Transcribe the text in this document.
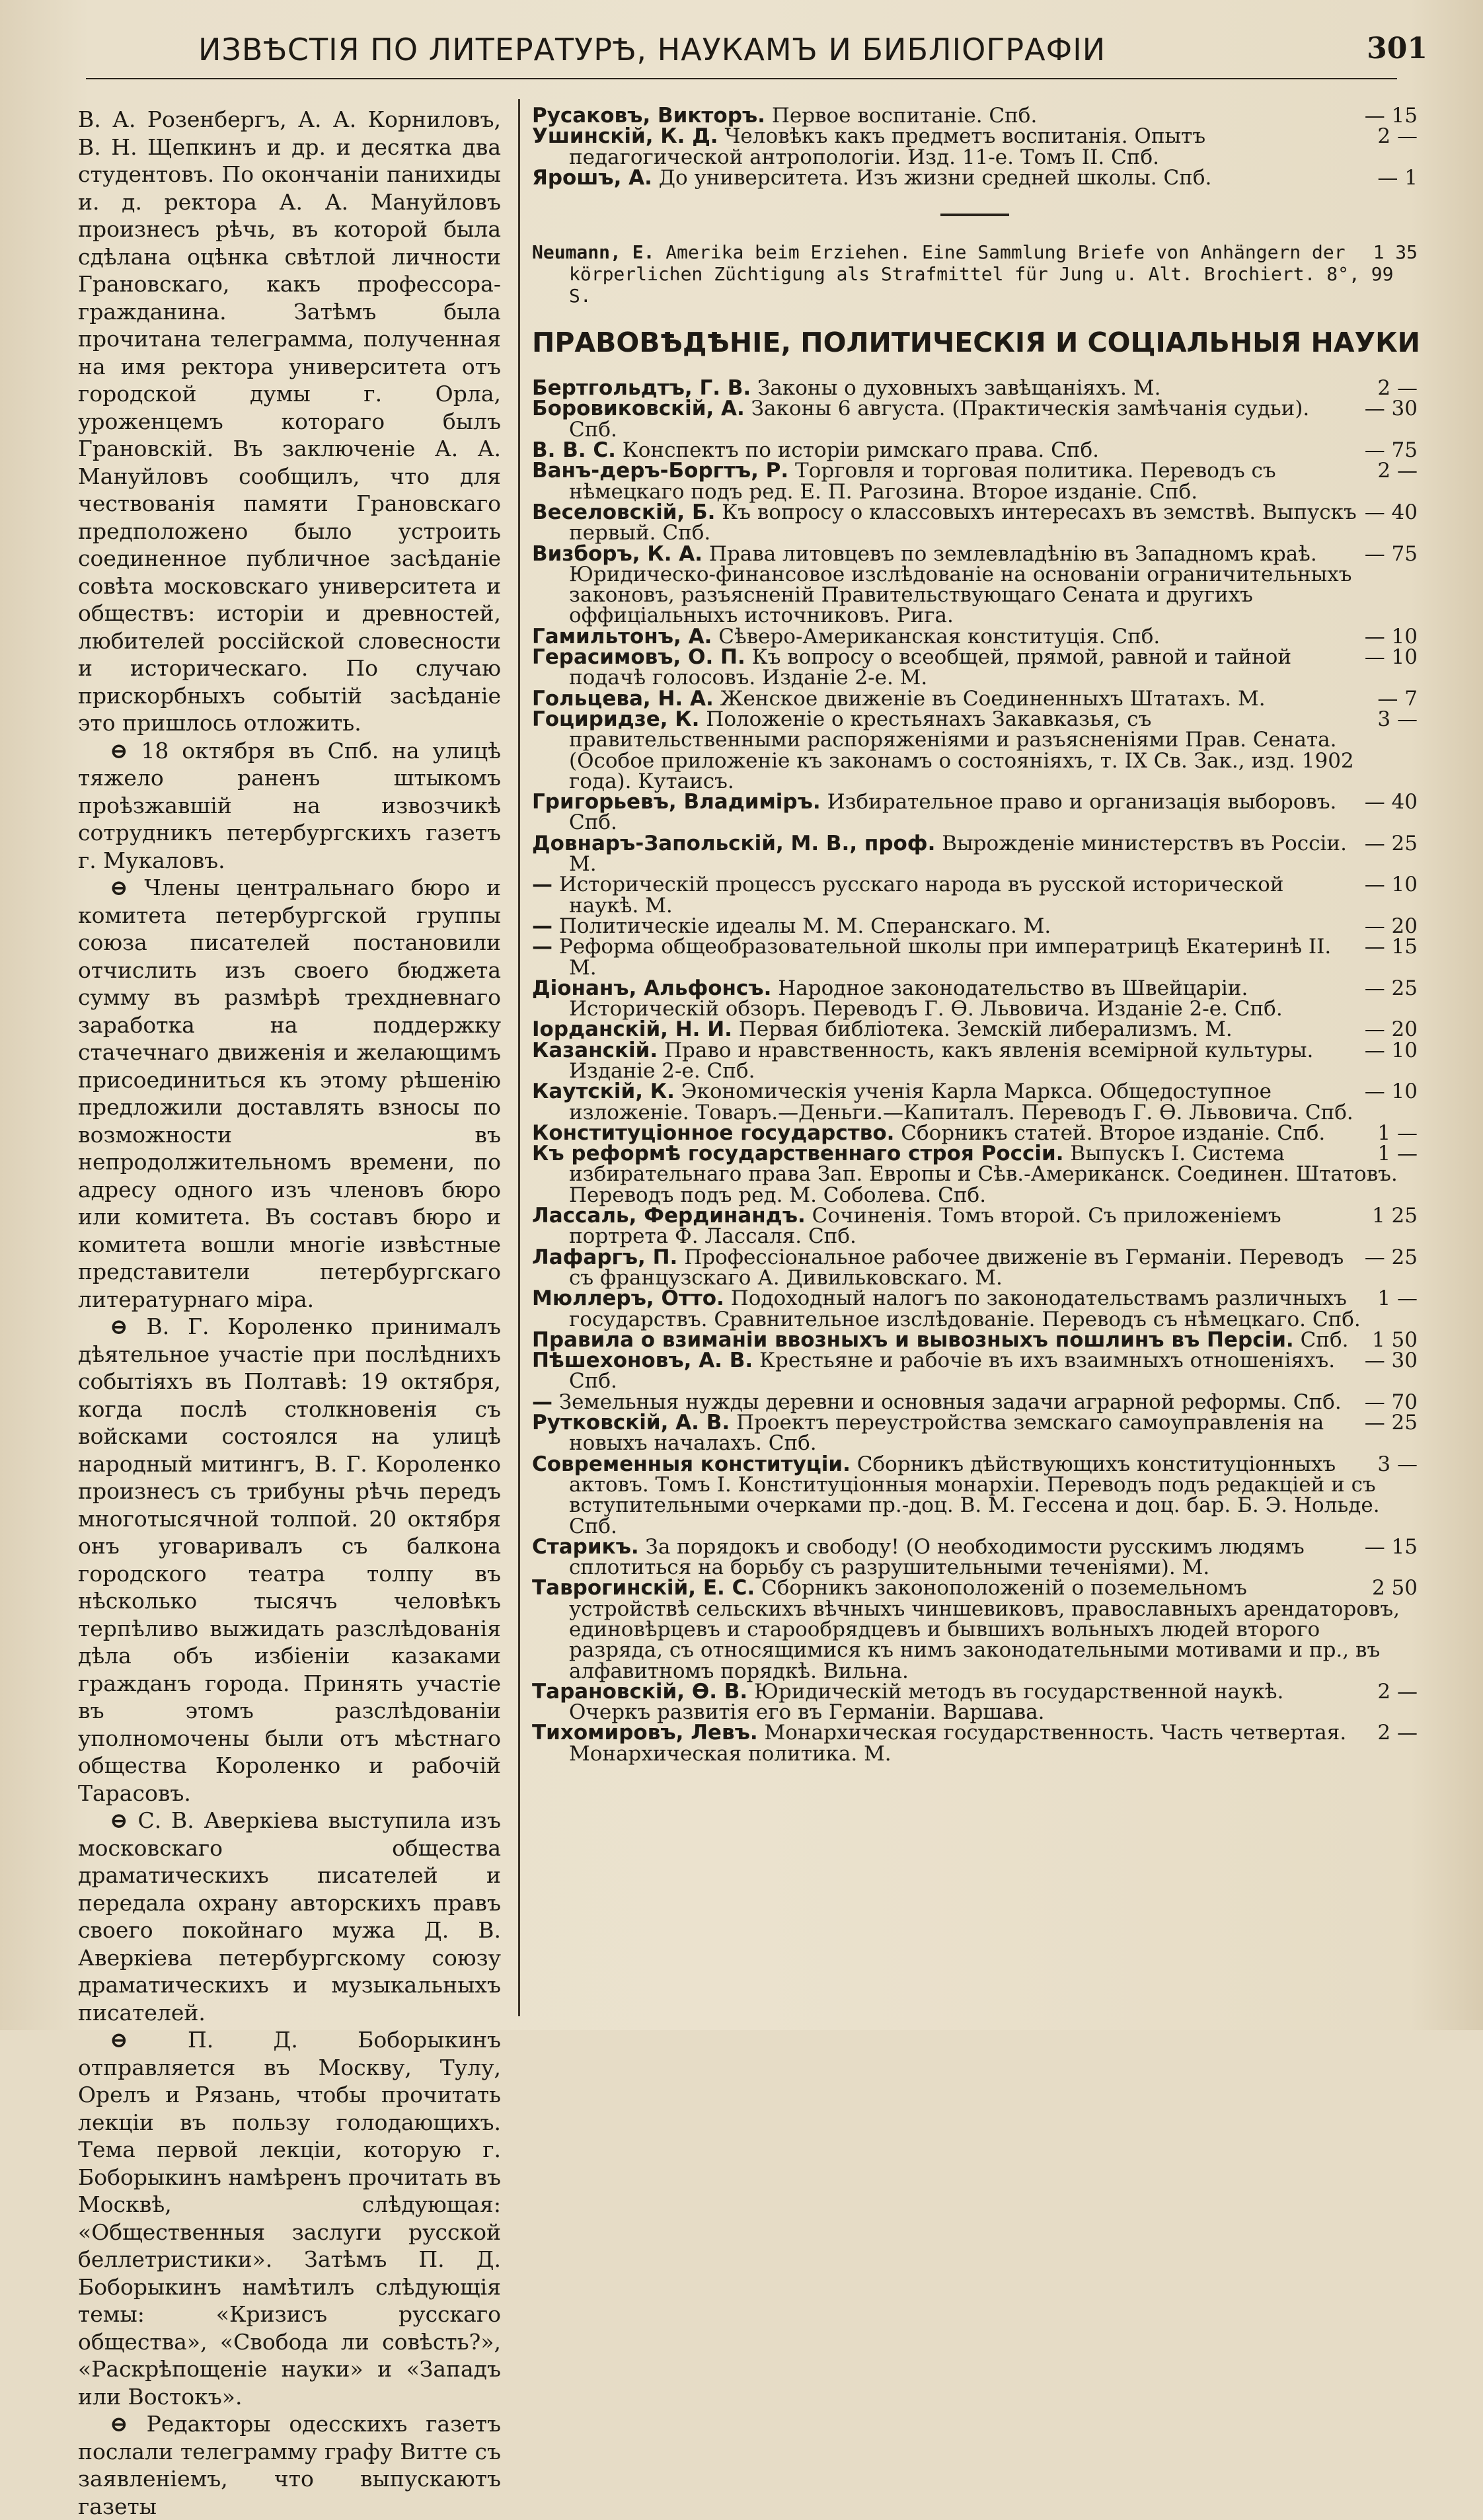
ИЗВѢСТІЯ ПО ЛИТЕРАТУРѢ, НАУКАМЪ И БИБЛІОГРАФІИ	301

В. А. Розенбергъ, А. А. Корниловъ, В. Н. Щепкинъ и др. и десятка два студентовъ. По окончаніи панихиды и. д. ректора А. А. Мануйловъ произнесъ рѣчь, въ которой была сдѣлана оцѣнка свѣтлой личности Грановскаго, какъ профессора-гражданина. Затѣмъ была прочитана телеграмма, полученная на имя ректора университета отъ городской думы г. Орла, уроженцемъ котораго былъ Грановскій. Въ заключеніе А. А. Мануйловъ сообщилъ, что для чествованія памяти Грановскаго предположено было устроить соединенное публичное засѣданіе совѣта московскаго университета и обществъ: исторіи и древностей, любителей россійской словесности и историческаго. По случаю прискорбныхъ событій засѣданіе это пришлось отложить.

⊖ 18 октября въ Спб. на улицѣ тяжело раненъ штыкомъ проѣзжавшій на извозчикѣ сотрудникъ петербургскихъ газетъ г. Мукаловъ.

⊖ Члены центральнаго бюро и комитета петербургской группы союза писателей постановили отчислить изъ своего бюджета сумму въ размѣрѣ трехдневнаго заработка на поддержку стачечнаго движенія и желающимъ присоединиться къ этому рѣшенію предложили доставлять взносы по возможности въ непродолжительномъ времени, по адресу одного изъ членовъ бюро или комитета. Въ составъ бюро и комитета вошли многіе извѣстные представители петербургскаго литературнаго міра.

⊖ В. Г. Короленко принималъ дѣятельное участіе при послѣднихъ событіяхъ въ Полтавѣ: 19 октября, когда послѣ столкновенія съ войсками состоялся на улицѣ народный митингъ, В. Г. Короленко произнесъ съ трибуны рѣчь передъ многотысячной толпой. 20 октября онъ уговаривалъ съ балкона городского театра толпу въ нѣсколько тысячъ человѣкъ терпѣливо выжидать разслѣдованія дѣла объ избіеніи казаками гражданъ города. Принять участіе въ этомъ разслѣдованіи уполномочены были отъ мѣстнаго общества Короленко и рабочій Тарасовъ.

⊖ С. В. Аверкіева выступила изъ московскаго общества драматическихъ писателей и передала охрану авторскихъ правъ своего покойнаго мужа Д. В. Аверкіева петербургскому союзу драматическихъ и музыкальныхъ писателей.

⊖	П. Д. Боборыкинъ отправляется въ Москву, Тулу, Орелъ и Рязань, чтобы прочитать лекціи въ пользу голодающихъ. Тема первой лекціи, которую г. Боборыкинъ намѣренъ прочитать въ Москвѣ, слѣдующая: «Общественныя заслуги русской беллетристики». Затѣмъ П. Д. Боборыкинъ намѣтилъ слѣдующія темы: «Кризисъ русскаго общества», «Свобода ли совѣсть?», «Раскрѣпощеніе науки» и «Западъ или Востокъ».

⊖ Редакторы одесскихъ газетъ послали телеграмму графу Витте съ заявленіемъ, что выпускаютъ газеты

— 15
Русаковъ, Викторъ. Первое воспитаніе. Спб.

2 —
Ушинскій, К. Д. Человѣкъ какъ предметъ воспитанія. Опытъ педагогической антропологіи. Изд. 11-е. Томъ II. Спб.

— 1
Ярошъ, А. До университета. Изъ жизни средней школы. Спб.

1 35
Neumann, E. Amerika beim Erziehen. Eine Sammlung Briefe von Anhängern der körperlichen Züchtigung als Strafmittel für Jung u. Alt. Brochiert. 8°, 99 S.

ПРАВОВѢДѢНІЕ, ПОЛИТИЧЕСКІЯ И СОЦІАЛЬНЫЯ НАУКИ

2 —
Бертгольдтъ, Г. В. Законы о духовныхъ завѣщаніяхъ. М.

— 30
Боровиковскій, А. Законы 6 августа. (Практическія замѣчанія судьи). Спб.

— 75
В. В. С. Конспектъ по исторіи римскаго права. Спб.

2 —
Ванъ-деръ-Боргтъ, Р. Торговля и торговая политика. Переводъ съ нѣмецкаго подъ ред. Е. П. Рагозина. Второе изданіе. Спб.

— 40
Веселовскій, Б. Къ вопросу о классовыхъ интересахъ въ земствѣ. Выпускъ первый. Спб.

— 75
Визборъ, К. А. Права литовцевъ по землевладѣнію въ Западномъ краѣ. Юридическо-финансовое изслѣдованіе на основаніи ограничительныхъ законовъ, разъясненій Правительствующаго Сената и другихъ оффиціальныхъ источниковъ. Рига.

— 10
Гамильтонъ, А. Сѣверо-Американская конституція. Спб.

— 10
Герасимовъ, О. П. Къ вопросу о всеобщей, прямой, равной и тайной подачѣ голосовъ. Изданіе 2-е. М.

— 7
Гольцева, Н. А. Женское движеніе въ Соединенныхъ Штатахъ. М.

3 —
Гоциридзе, К. Положеніе о крестьянахъ Закавказья, съ правительственными распоряженіями и разъясненіями Прав. Сената. (Особое приложеніе къ законамъ о состояніяхъ, т. IX Св. Зак., изд. 1902 года). Кутаисъ.

— 40
Григорьевъ, Владиміръ. Избирательное право и организація выборовъ. Спб.

— 25
Довнаръ-Запольскій, М. В., проф. Вырожденіе министерствъ въ Россіи. М.

— 10
— Историческій процессъ русскаго народа въ русской исторической наукѣ. М.

— 20
— Политическіе идеалы М. М. Сперанскаго. М.

— 15
— Реформа общеобразовательной школы при императрицѣ Екатеринѣ II. М.

— 25
Діонанъ, Альфонсъ. Народное законодательство въ Швейцаріи. Историческій обзоръ. Переводъ Г. Ѳ. Львовича. Изданіе 2-е. Спб.

— 20
Іорданскій, Н. И. Первая библіотека. Земскій либерализмъ. М.

— 10
Казанскій. Право и нравственность, какъ явленія всемірной культуры. Изданіе 2-е. Спб.

— 10
Каутскій, К. Экономическія ученія Карла Маркса. Общедоступное изложеніе. Товаръ.—Деньги.—Капиталъ. Переводъ Г. Ѳ. Львовича. Спб.

1 —
Конституціонное государство. Сборникъ статей. Второе изданіе. Спб.

1 —
Къ реформѣ государственнаго строя Россіи. Выпускъ I. Система избирательнаго права Зап. Европы и Сѣв.-Американск. Соединен. Штатовъ. Переводъ подъ ред. М. Соболева. Спб.

1 25
Лассаль, Фердинандъ. Сочиненія. Томъ второй. Съ приложеніемъ портрета Ф. Лассаля. Спб.

— 25
Лафаргъ, П. Профессіональное рабочее движеніе въ Германіи. Переводъ съ французскаго А. Дивильковскаго. М.

1 —
Мюллеръ, Отто. Подоходный налогъ по законодательствамъ различныхъ государствъ. Сравнительное изслѣдованіе. Переводъ съ нѣмецкаго. Спб.

1 50
Правила о взиманіи ввозныхъ и вывозныхъ пошлинъ въ Персіи. Спб.

— 30
Пѣшехоновъ, А. В. Крестьяне и рабочіе въ ихъ взаимныхъ отношеніяхъ. Спб.

— 70
— Земельныя нужды деревни и основныя задачи аграрной реформы. Спб.

— 25
Рутковскій, А. В. Проектъ переустройства земскаго самоуправленія на новыхъ началахъ. Спб.

3 —
Современныя конституціи. Сборникъ дѣйствующихъ конституціонныхъ актовъ. Томъ I. Конституціонныя монархіи. Переводъ подъ редакціей и съ вступительными очерками пр.-доц. В. М. Гессена и доц. бар. Б. Э. Нольде. Спб.

— 15
Старикъ. За порядокъ и свободу! (О необходимости русскимъ людямъ сплотиться на борьбу съ разрушительными теченіями). М.

2 50
Таврогинскій, Е. С. Сборникъ законоположеній о поземельномъ устройствѣ сельскихъ вѣчныхъ чиншевиковъ, православныхъ арендаторовъ, единовѣрцевъ и старообрядцевъ и бывшихъ вольныхъ людей второго разряда, съ относящимися къ нимъ законодательными мотивами и пр., въ алфавитномъ порядкѣ. Вильна.

2 —
Тарановскій, Ѳ. В. Юридическій методъ въ государственной наукѣ. Очеркъ развитія его въ Германіи. Варшава.

2 —
Тихомировъ, Левъ. Монархическая государственность. Часть четвертая. Монархическая политика. М.
